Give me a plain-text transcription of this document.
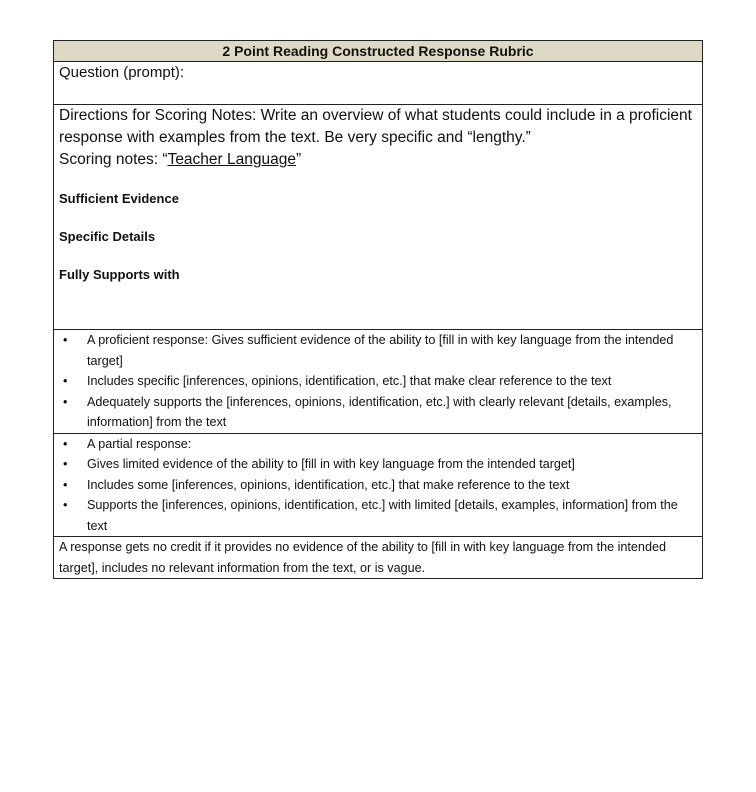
2 Point Reading Constructed Response Rubric
Question (prompt):

Directions for Scoring Notes: Write an overview of what students could include in a proficient response with examples from the text. Be very specific and “lengthy.”

Scoring notes: “Teacher Language”

Sufficient Evidence

Specific Details

Fully Supports with

• A proficient response: Gives sufficient evidence of the ability to [fill in with key language from the intended target]
• Includes specific [inferences, opinions, identification, etc.] that make clear reference to the text
• Adequately supports the [inferences, opinions, identification, etc.] with clearly relevant [details, examples, information] from the text

• A partial response:
• Gives limited evidence of the ability to [fill in with key language from the intended target]
• Includes some [inferences, opinions, identification, etc.] that make reference to the text
• Supports the [inferences, opinions, identification, etc.] with limited [details, examples, information] from the text

A response gets no credit if it provides no evidence of the ability to [fill in with key language from the intended target], includes no relevant information from the text, or is vague.
